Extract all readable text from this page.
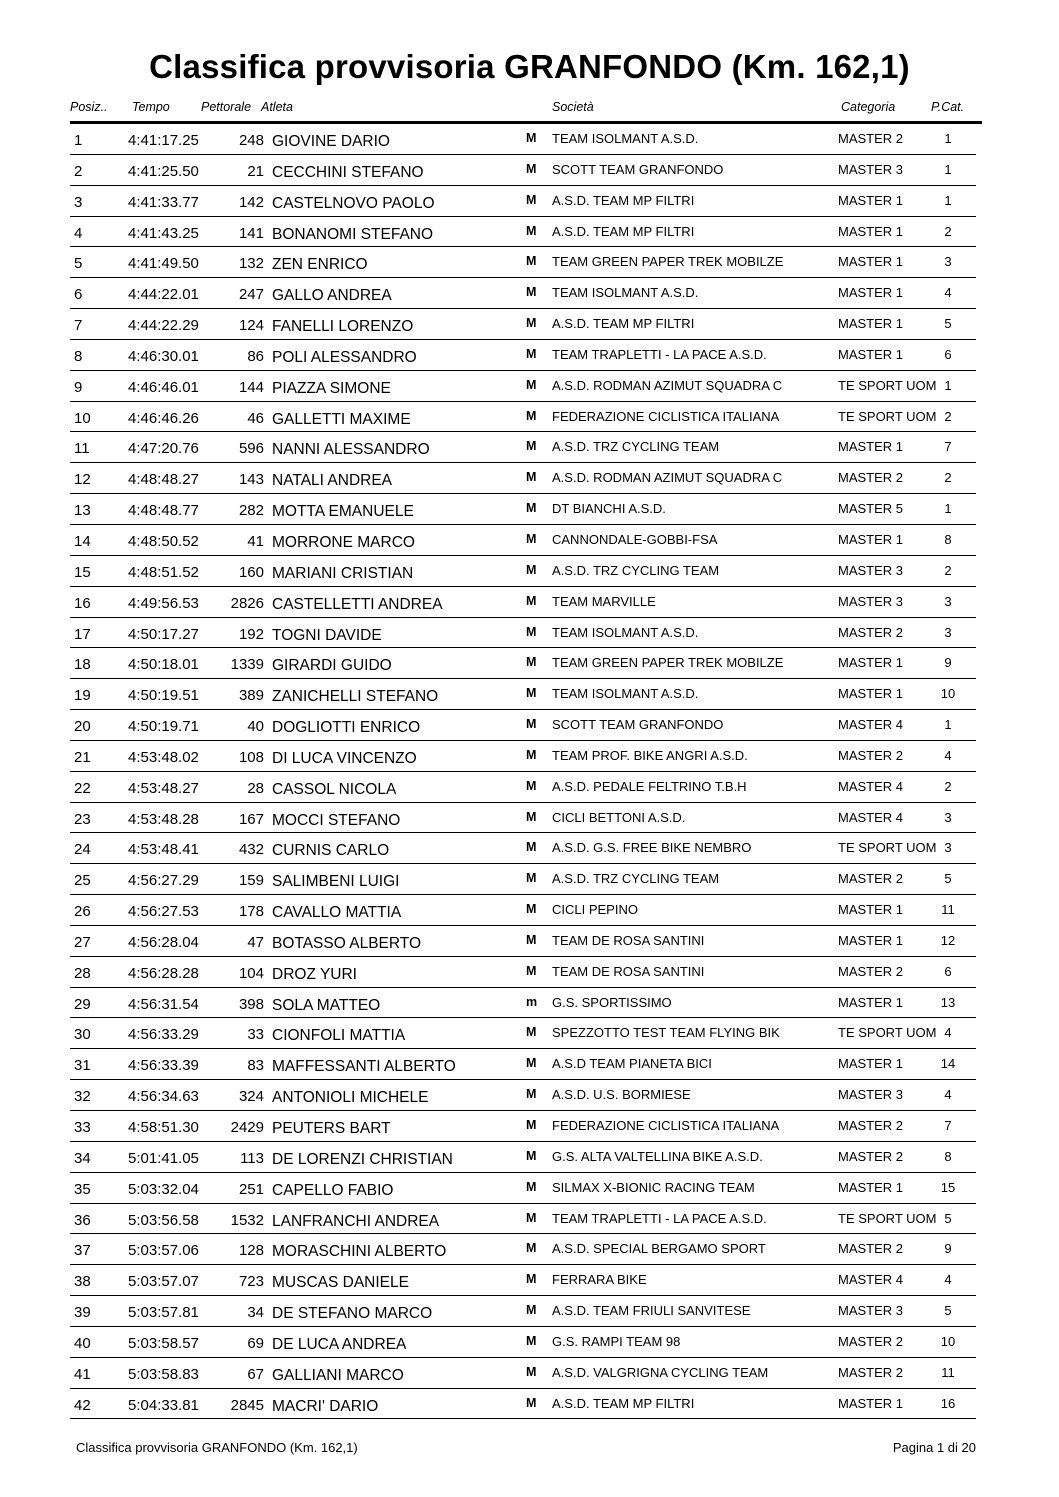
Classifica provvisoria GRANFONDO (Km. 162,1)
Posiz.. Tempo Pettorale Atleta	Società	Categoria	P.Cat.
1	4:41:17.25	248 GIOVINE DARIO	M TEAM ISOLMANT A.S.D.	MASTER 2	1
2	4:41:25.50	21 CECCHINI STEFANO	M SCOTT TEAM GRANFONDO	MASTER 3	1
3	4:41:33.77	142 CASTELNOVO PAOLO	M A.S.D. TEAM MP FILTRI	MASTER 1	1
4	4:41:43.25	141 BONANOMI STEFANO	M A.S.D. TEAM MP FILTRI	MASTER 1	2
5	4:41:49.50	132 ZEN ENRICO	M TEAM GREEN PAPER TREK MOBILZE	MASTER 1	3
6	4:44:22.01	247 GALLO ANDREA	M TEAM ISOLMANT A.S.D.	MASTER 1	4
7	4:44:22.29	124 FANELLI LORENZO	M A.S.D. TEAM MP FILTRI	MASTER 1	5
8	4:46:30.01	86 POLI ALESSANDRO	M TEAM TRAPLETTI - LA PACE A.S.D.	MASTER 1	6
9	4:46:46.01	144 PIAZZA SIMONE	M A.S.D. RODMAN AZIMUT SQUADRA C	TE SPORT UOM 1
10 4:46:46.26	46 GALLETTI MAXIME	M FEDERAZIONE CICLISTICA ITALIANA	TE SPORT UOM 2
11	4:47:20.76	596 NANNI ALESSANDRO	M A.S.D. TRZ CYCLING TEAM	MASTER 1	7
12 4:48:48.27	143 NATALI ANDREA	M A.S.D. RODMAN AZIMUT SQUADRA C	MASTER 2	2
13 4:48:48.77	282 MOTTA EMANUELE	M DT BIANCHI A.S.D.	MASTER 5	1
14 4:48:50.52	41 MORRONE MARCO	M CANNONDALE-GOBBI-FSA	MASTER 1	8
15 4:48:51.52	160 MARIANI CRISTIAN	M A.S.D. TRZ CYCLING TEAM	MASTER 3	2
16 4:49:56.53 2826 CASTELLETTI ANDREA	M TEAM MARVILLE	MASTER 3	3
17 4:50:17.27	192 TOGNI DAVIDE	M TEAM ISOLMANT A.S.D.	MASTER 2	3
18 4:50:18.01 1339 GIRARDI GUIDO	M TEAM GREEN PAPER TREK MOBILZE	MASTER 1	9
19 4:50:19.51	389 ZANICHELLI STEFANO	M TEAM ISOLMANT A.S.D.	MASTER 1	10
20 4:50:19.71	40 DOGLIOTTI ENRICO	M SCOTT TEAM GRANFONDO	MASTER 4	1
21 4:53:48.02	108 DI LUCA VINCENZO	M TEAM PROF. BIKE ANGRI A.S.D.	MASTER 2	4
22 4:53:48.27	28 CASSOL NICOLA	M A.S.D. PEDALE FELTRINO T.B.H	MASTER 4	2
23 4:53:48.28	167 MOCCI STEFANO	M CICLI BETTONI A.S.D.	MASTER 4	3
24 4:53:48.41	432 CURNIS CARLO	M A.S.D. G.S. FREE BIKE NEMBRO	TE SPORT UOM 3
25 4:56:27.29	159 SALIMBENI LUIGI	M A.S.D. TRZ CYCLING TEAM	MASTER 2	5
26 4:56:27.53	178 CAVALLO MATTIA	M CICLI PEPINO	MASTER 1	11
27 4:56:28.04	47 BOTASSO ALBERTO	M TEAM DE ROSA SANTINI	MASTER 1	12
28 4:56:28.28	104 DROZ YURI	M TEAM DE ROSA SANTINI	MASTER 2	6
29 4:56:31.54	398 SOLA MATTEO	m G.S. SPORTISSIMO	MASTER 1	13
30 4:56:33.29	33 CIONFOLI MATTIA	M SPEZZOTTO TEST TEAM FLYING BIK	TE SPORT UOM 4
31 4:56:33.39	83 MAFFESSANTI ALBERTO	M A.S.D TEAM PIANETA BICI	MASTER 1	14
32 4:56:34.63	324 ANTONIOLI MICHELE	M A.S.D. U.S. BORMIESE	MASTER 3	4
33 4:58:51.30 2429 PEUTERS BART	M FEDERAZIONE CICLISTICA ITALIANA	MASTER 2	7
34 5:01:41.05	113 DE LORENZI CHRISTIAN	M G.S. ALTA VALTELLINA BIKE A.S.D.	MASTER 2	8
35 5:03:32.04	251 CAPELLO FABIO	M SILMAX X-BIONIC RACING TEAM	MASTER 1	15
36 5:03:56.58 1532 LANFRANCHI ANDREA	M TEAM TRAPLETTI - LA PACE A.S.D.	TE SPORT UOM 5
37 5:03:57.06	128 MORASCHINI ALBERTO	M A.S.D. SPECIAL BERGAMO SPORT	MASTER 2	9
38 5:03:57.07	723 MUSCAS DANIELE	M FERRARA BIKE	MASTER 4	4
39 5:03:57.81	34 DE STEFANO MARCO	M A.S.D. TEAM FRIULI SANVITESE	MASTER 3	5
40 5:03:58.57	69 DE LUCA ANDREA	M G.S. RAMPI TEAM 98	MASTER 2	10
41 5:03:58.83	67 GALLIANI MARCO	M A.S.D. VALGRIGNA CYCLING TEAM	MASTER 2	11
42 5:04:33.81 2845 MACRI' DARIO	M A.S.D. TEAM MP FILTRI	MASTER 1	16
Classifica provvisoria GRANFONDO (Km. 162,1)	Pagina 1 di 20
